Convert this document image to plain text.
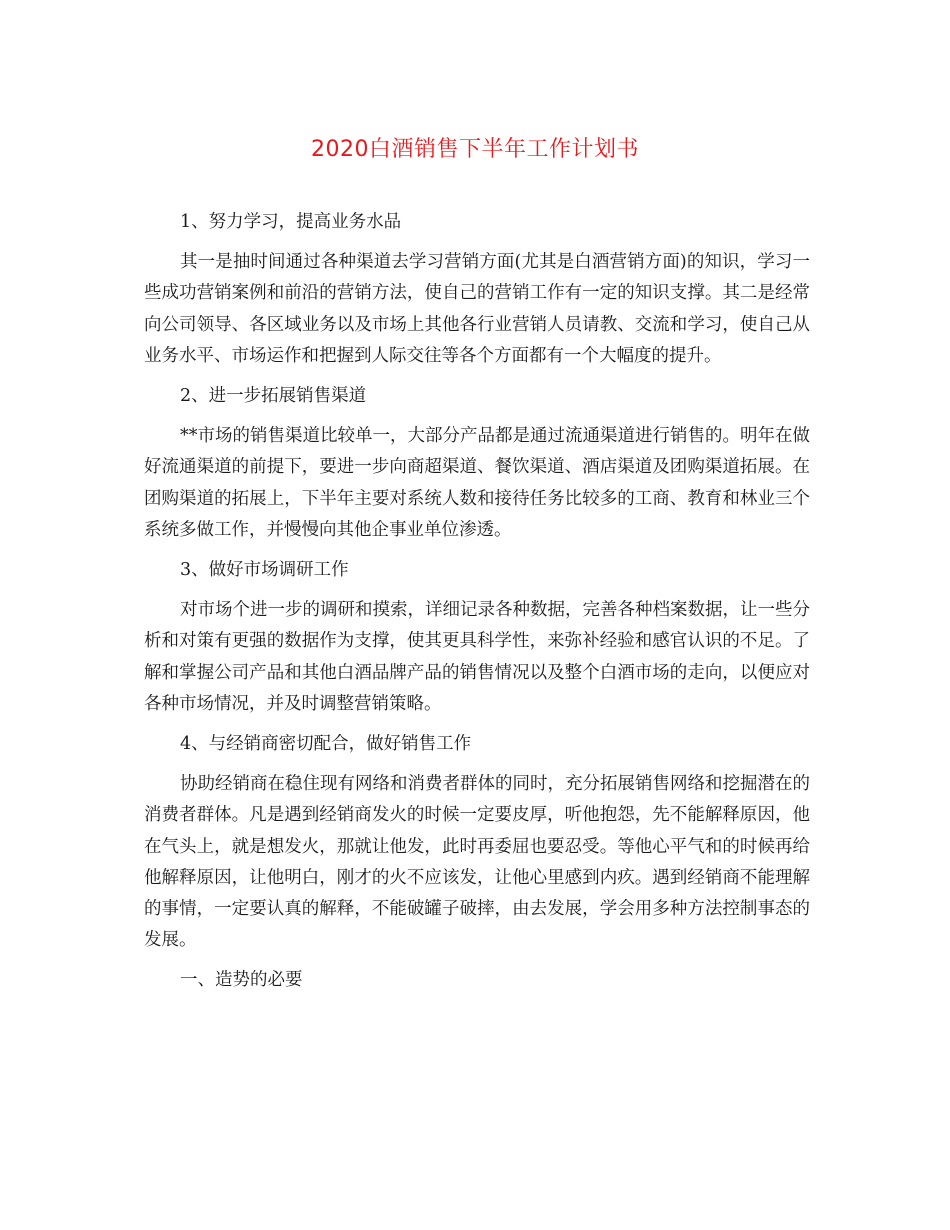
2020白酒销售下半年工作计划书

1、努力学习，提高业务水品

其一是抽时间通过各种渠道去学习营销方面(尤其是白酒营销方面)的知识，学习一些成功营销案例和前沿的营销方法，使自己的营销工作有一定的知识支撑。其二是经常向公司领导、各区域业务以及市场上其他各行业营销人员请教、交流和学习，使自己从业务水平、市场运作和把握到人际交往等各个方面都有一个大幅度的提升。

2、进一步拓展销售渠道

**市场的销售渠道比较单一，大部分产品都是通过流通渠道进行销售的。明年在做好流通渠道的前提下，要进一步向商超渠道、餐饮渠道、酒店渠道及团购渠道拓展。在团购渠道的拓展上，下半年主要对系统人数和接待任务比较多的工商、教育和林业三个系统多做工作，并慢慢向其他企事业单位渗透。

3、做好市场调研工作

对市场个进一步的调研和摸索，详细记录各种数据，完善各种档案数据，让一些分析和对策有更强的数据作为支撑，使其更具科学性，来弥补经验和感官认识的不足。了解和掌握公司产品和其他白酒品牌产品的销售情况以及整个白酒市场的走向，以便应对各种市场情况，并及时调整营销策略。

4、与经销商密切配合，做好销售工作

协助经销商在稳住现有网络和消费者群体的同时，充分拓展销售网络和挖掘潜在的消费者群体。凡是遇到经销商发火的时候一定要皮厚，听他抱怨，先不能解释原因，他在气头上，就是想发火，那就让他发，此时再委屈也要忍受。等他心平气和的时候再给他解释原因，让他明白，刚才的火不应该发，让他心里感到内疚。遇到经销商不能理解的事情，一定要认真的解释，不能破罐子破摔，由去发展，学会用多种方法控制事态的发展。

一、造势的必要
